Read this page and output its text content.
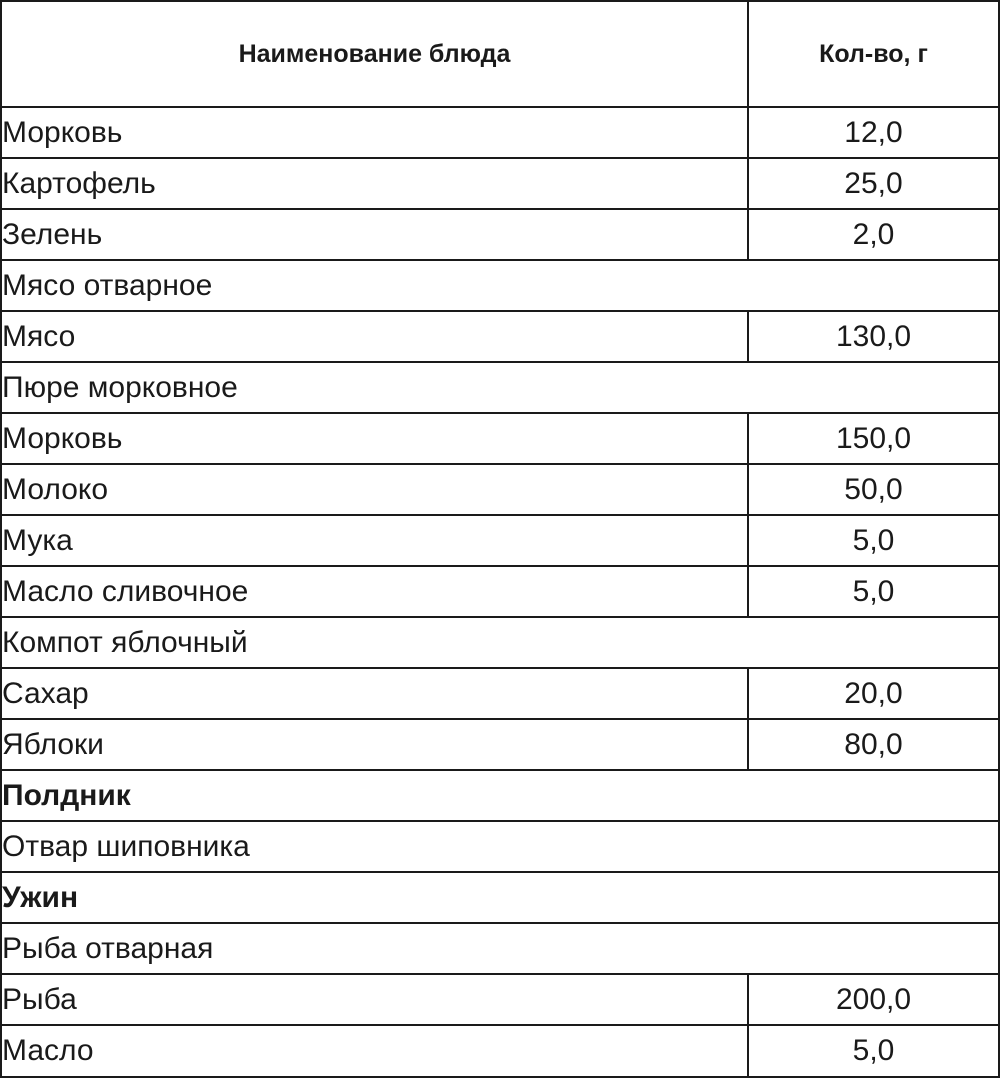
Наименование блюда	Кол-во, г
Морковь	12,0
Картофель	25,0
Зелень	2,0
Мясо отварное	
Мясо	130,0
Пюре морковное	
Морковь	150,0
Молоко	50,0
Мука	5,0
Масло сливочное	5,0
Компот яблочный	
Сахар	20,0
Яблоки	80,0
Полдник	
Отвар шиповника	
Ужин	
Рыба отварная	
Рыба	200,0
Масло	5,0
